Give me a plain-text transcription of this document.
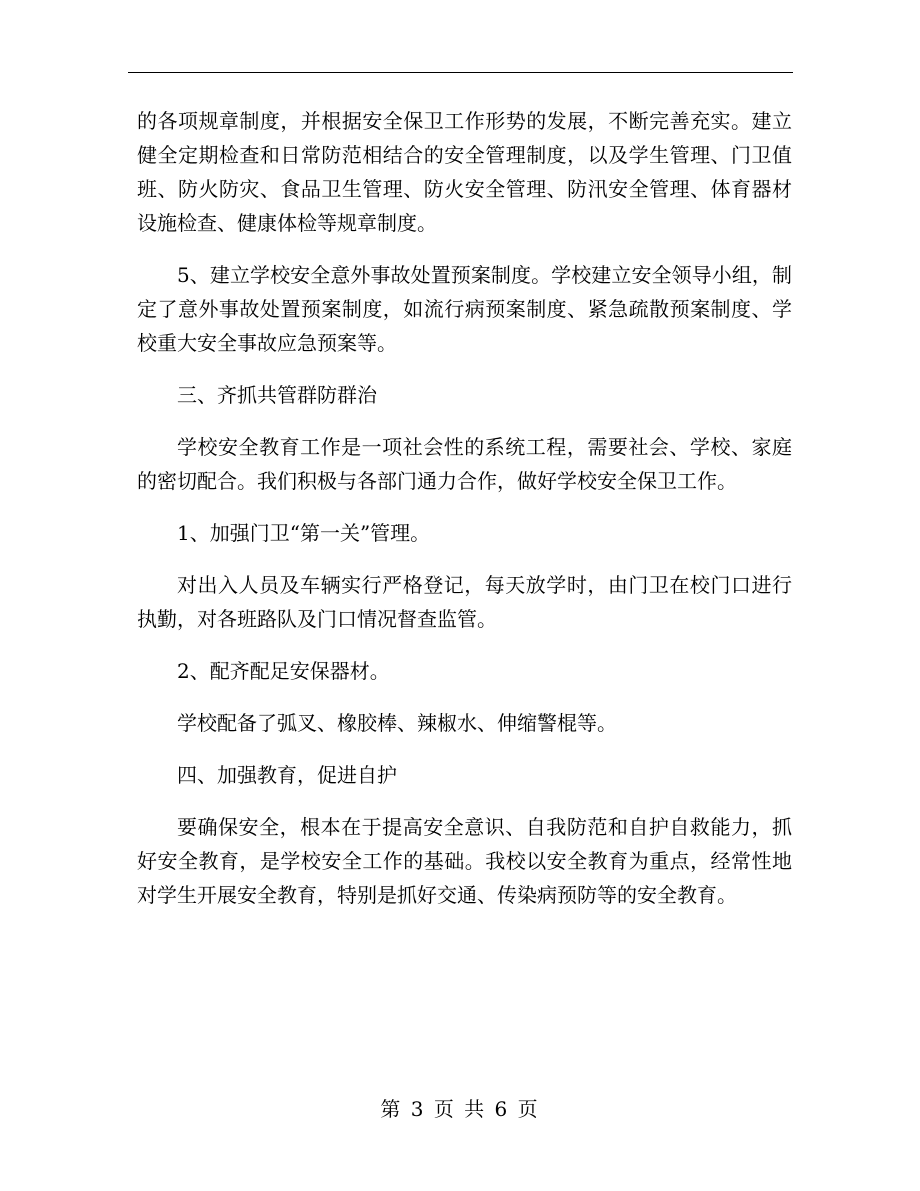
的各项规章制度，并根据安全保卫工作形势的发展，不断完善充实。建立健全定期检查和日常防范相结合的安全管理制度，以及学生管理、门卫值班、防火防灾、食品卫生管理、防火安全管理、防汛安全管理、体育器材设施检查、健康体检等规章制度。

5、建立学校安全意外事故处置预案制度。学校建立安全领导小组，制定了意外事故处置预案制度，如流行病预案制度、紧急疏散预案制度、学校重大安全事故应急预案等。

三、齐抓共管群防群治

学校安全教育工作是一项社会性的系统工程，需要社会、学校、家庭的密切配合。我们积极与各部门通力合作，做好学校安全保卫工作。

1、加强门卫“第一关”管理。

对出入人员及车辆实行严格登记，每天放学时，由门卫在校门口进行执勤，对各班路队及门口情况督查监管。

2、配齐配足安保器材。

学校配备了弧叉、橡胶棒、辣椒水、伸缩警棍等。

四、加强教育，促进自护

要确保安全，根本在于提高安全意识、自我防范和自护自救能力，抓好安全教育，是学校安全工作的基础。我校以安全教育为重点，经常性地对学生开展安全教育，特别是抓好交通、传染病预防等的安全教育。

第 3 页 共 6 页
